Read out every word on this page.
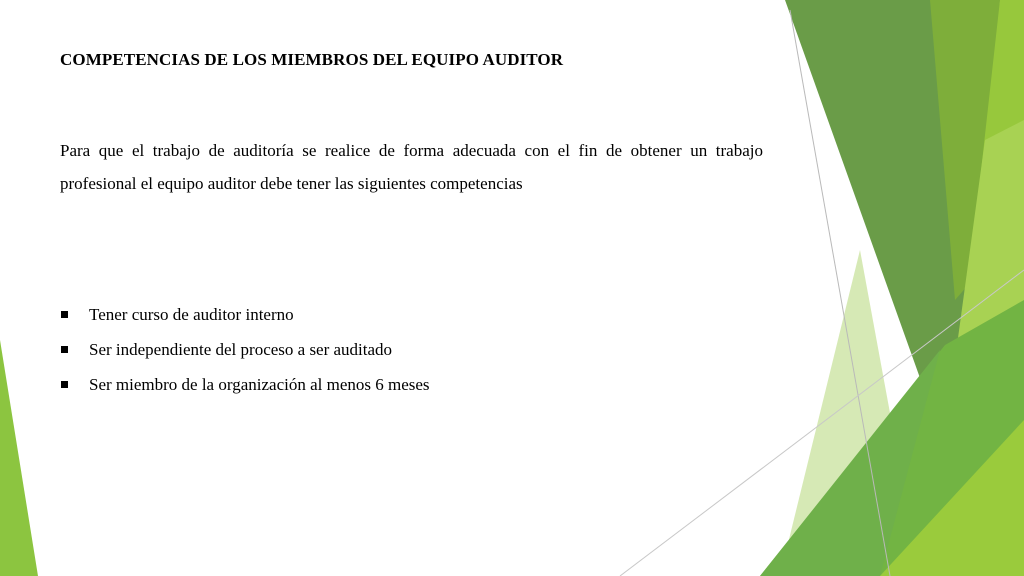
COMPETENCIAS DE LOS MIEMBROS DEL EQUIPO AUDITOR
Para que el trabajo de auditoría se realice de forma adecuada con el fin de obtener un trabajo profesional el equipo auditor debe tener las siguientes competencias
Tener curso de auditor interno
Ser independiente del proceso a ser auditado
Ser miembro de la organización al menos 6 meses
